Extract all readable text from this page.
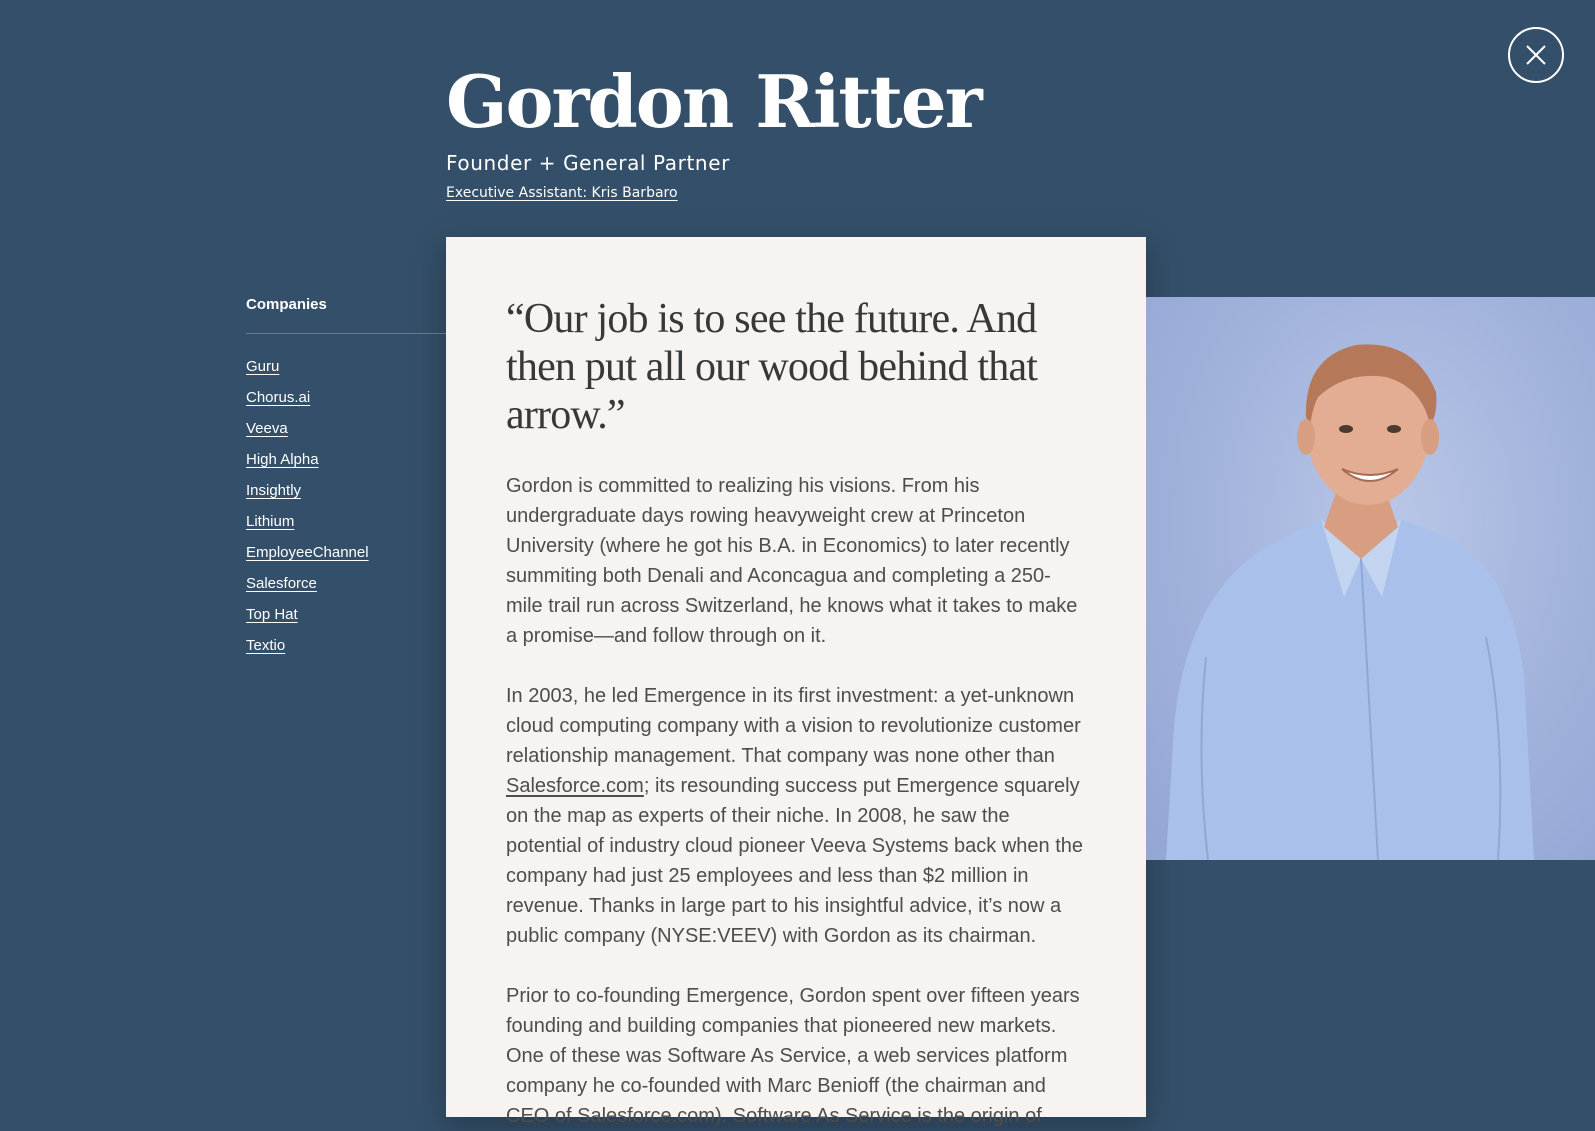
Gordon Ritter
Founder + General Partner
Executive Assistant: Kris Barbaro
Companies
Guru
Chorus.ai
Veeva
High Alpha
Insightly
Lithium
EmployeeChannel
Salesforce
Top Hat
Textio

“Our job is to see the future. And then put all our wood behind that arrow.”

Gordon is committed to realizing his visions. From his undergraduate days rowing heavyweight crew at Princeton University (where he got his B.A. in Economics) to later recently summiting both Denali and Aconcagua and completing a 250-mile trail run across Switzerland, he knows what it takes to make a promise—and follow through on it.

In 2003, he led Emergence in its first investment: a yet-unknown cloud computing company with a vision to revolutionize customer relationship management. That company was none other than Salesforce.com; its resounding success put Emergence squarely on the map as experts of their niche. In 2008, he saw the potential of industry cloud pioneer Veeva Systems back when the company had just 25 employees and less than $2 million in revenue. Thanks in large part to his insightful advice, it’s now a public company (NYSE:VEEV) with Gordon as its chairman.

Prior to co-founding Emergence, Gordon spent over fifteen years founding and building companies that pioneered new markets. One of these was Software As Service, a web services platform company he co-founded with Marc Benioff (the chairman and CEO of Salesforce.com). Software As Service is the origin of
